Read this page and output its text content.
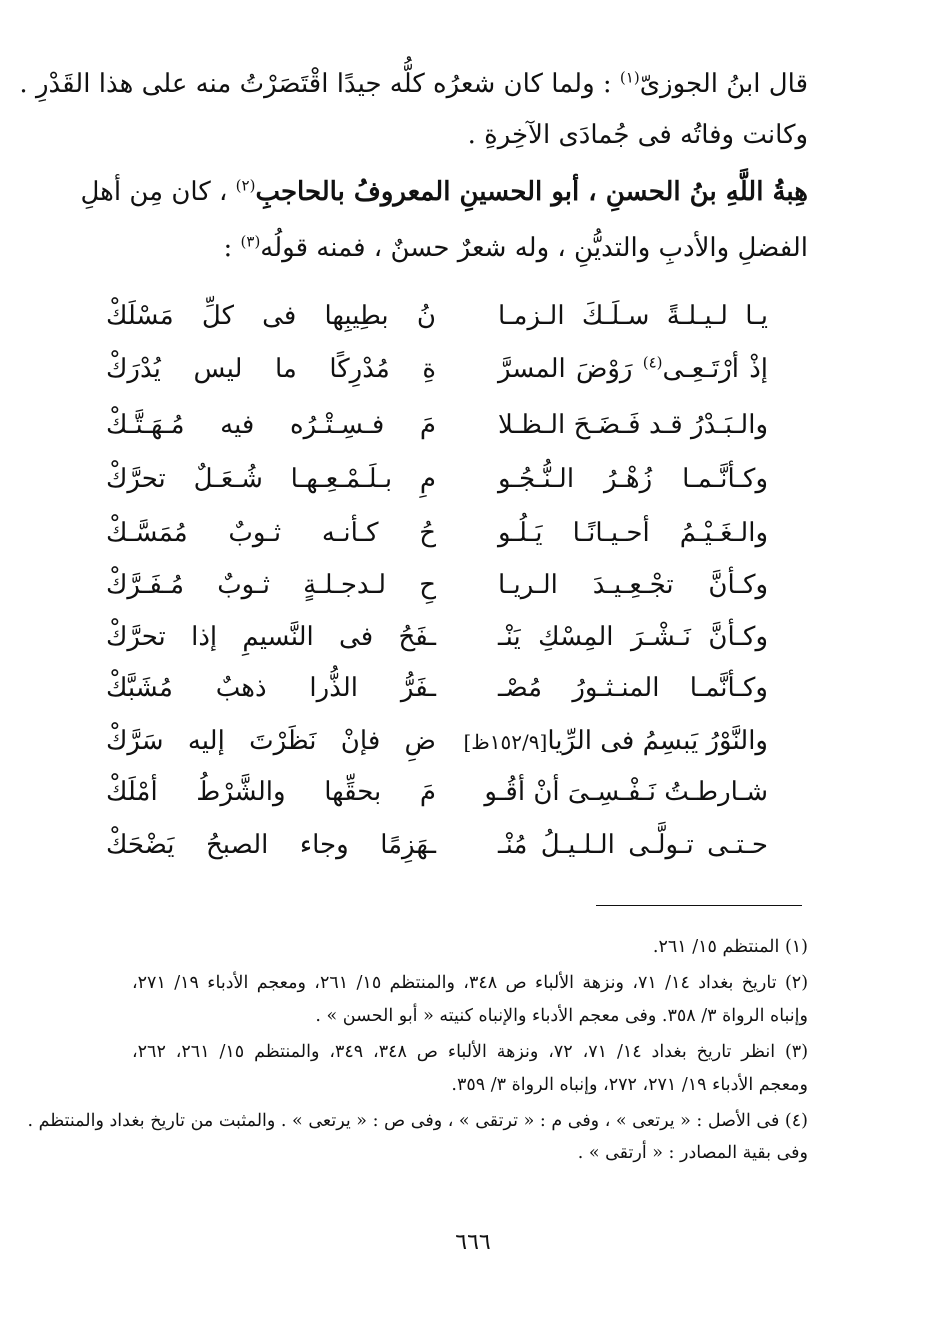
قال ابنُ الجوزىّ$^{(١)}$ : ولما كان شعرُه كلُّه جيدًا اقْتَصَرْتُ منه على هذا القَدْرِ .
وكانت وفاتُه فى جُمادَى الآخِرةِ .
هِبةُ اللَّهِ بنُ الحسنِ ، أبو الحسينِ المعروفُ بالحاجبِ$^{(٢)}$ ، كان مِن أهلِ
الفضلِ والأدبِ والتديُّنِ ، وله شعرٌ حسنٌ ، فمنه قولُه$^{(٣)}$ :
يـا لـيـلـةً سـلَـكَ الـزمـا
نُ بطِيبِها فى كلِّ مَسْلَكْ
إذْ أرْتَـعِـى$^{(٤)}$ رَوْضَ المسرَّ
ةِ مُدْرِكًا ما ليس يُدْرَكْ
والـبَـدْرُ قـد فَـضَـحَ الـظـلا
مَ فـسِـتْـرُه فيه مُـهَـتَّـكْ
وكـأنَّـمـا زُهْـرُ الـنُّـجُـو
مِ بـلَـمْـعِـهـا شُـعَـلٌ تحرَّكْ
والـغَـيْـمُ أحـيـانًـا يَـلُـو
حُ كـأنـه ثـوبٌ مُمَسَّـكْ
وكـأنَّ تجْـعِـيـدَ الـريـا
حِ لـدجـلـةٍ ثـوبٌ مُـفَـرَّكْ
وكـأنَّ نَـشْـرَ المِسْكِ يَنْـ
ـفَحُ فى النَّسيمِ إذا تحرَّكْ
وكـأنَّمـا المنـثـورُ مُصْـ
ـفَرُّ الذُّرا ذهبٌ مُشَبَّكْ
والنَّوْرُ يَبسِمُ فى الرِّيا[١٥٢/٩ظ]
ضِ فإنْ نَظَرْتَ إليه سَرَّكْ
شـارطـتُ نَـفْـسِـىَ أنْ أقُـو
مَ بحقِّها والشَّرْطُ أمْلَكْ
حـتـى تـولَّـى الـلـيـلُ مُنْـ
ـهَزِمًا وجاء الصبحُ يَضْحَكْ
(١) المنتظم ١٥/ ٢٦١.
(٢) تاريخ بغداد ١٤/ ٧١، ونزهة الألباء ص ٣٤٨، والمنتظم ١٥/ ٢٦١، ومعجم الأدباء ١٩/ ٢٧١،
وإنباه الرواة ٣/ ٣٥٨. وفى معجم الأدباء والإنباه كنيته « أبو الحسن » .
(٣) انظر تاريخ بغداد ١٤/ ٧١، ٧٢، ونزهة الألباء ص ٣٤٨، ٣٤٩، والمنتظم ١٥/ ٢٦١، ٢٦٢،
ومعجم الأدباء ١٩/ ٢٧١، ٢٧٢، وإنباه الرواة ٣/ ٣٥٩.
(٤) فى الأصل : « يرتعى » ، وفى م : « ترتقى » ، وفى ص : « يرتعى » . والمثبت من تاريخ بغداد والمنتظم .
وفى بقية المصادر : « أرتقى » .
٦٦٦
